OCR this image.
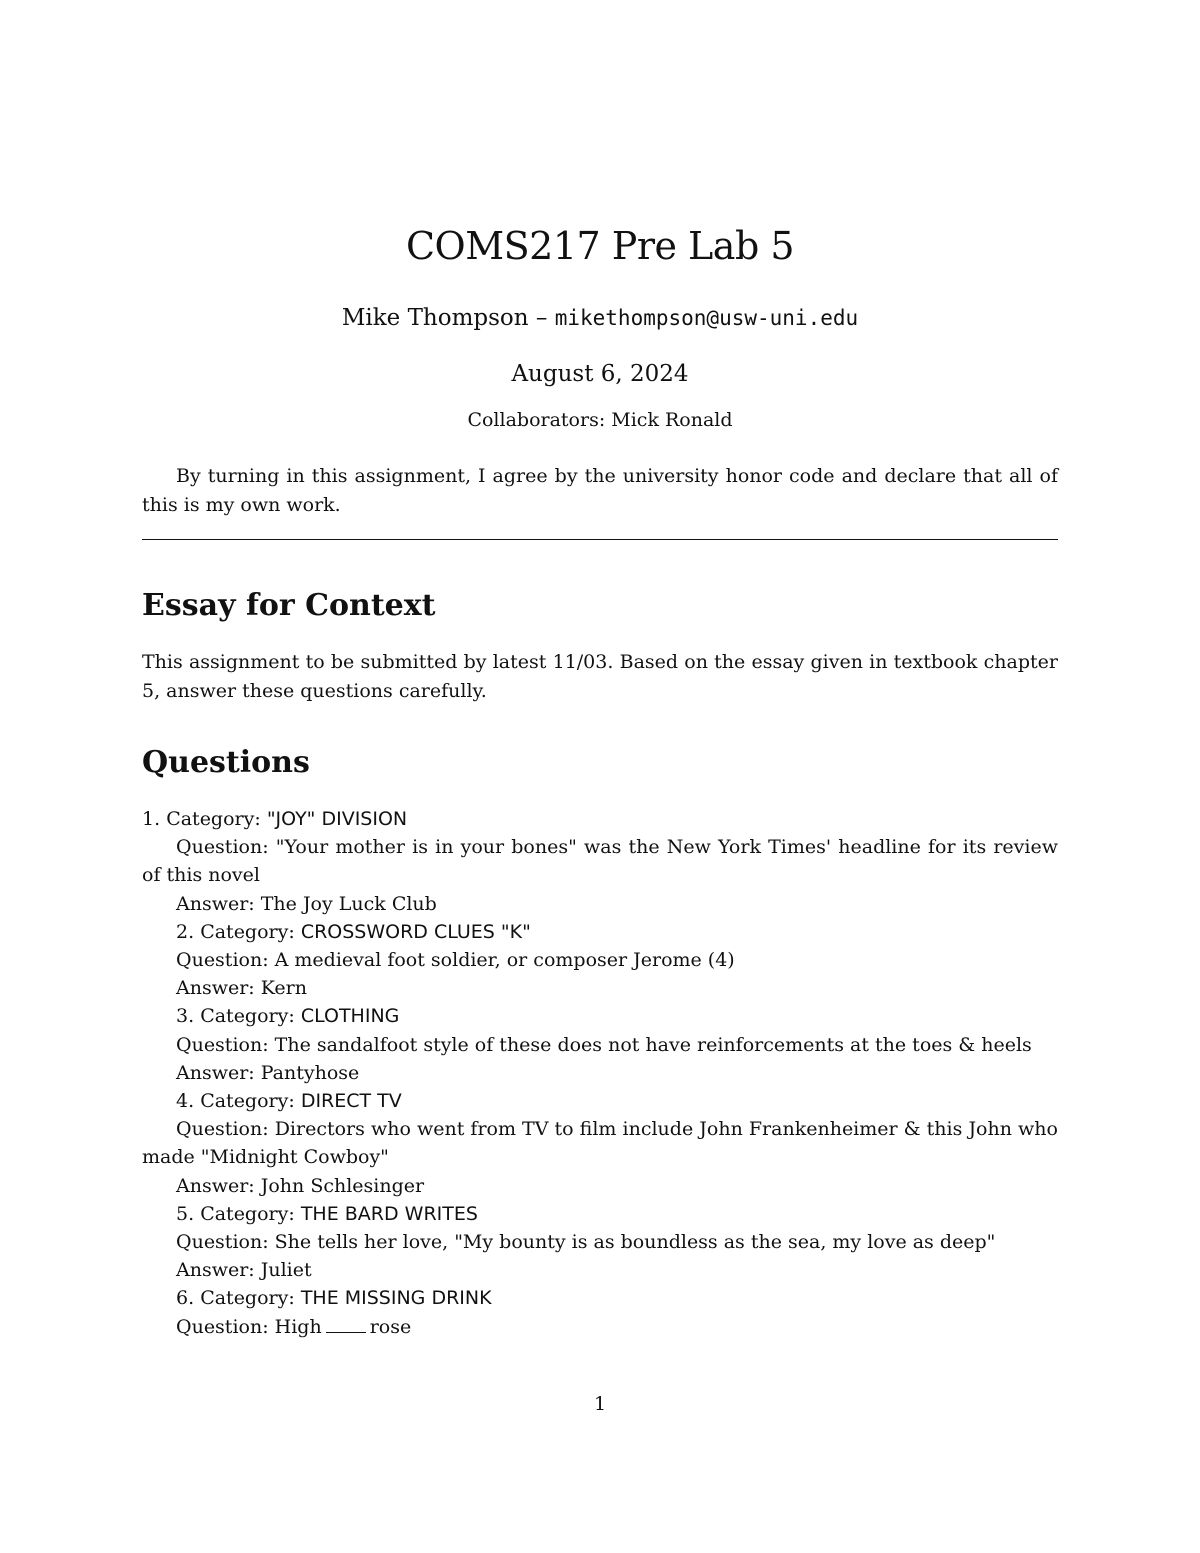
COMS217 Pre Lab 5
Mike Thompson – mikethompson@usw-uni.edu
August 6, 2024
Collaborators: Mick Ronald

By turning in this assignment, I agree by the university honor code and declare that all of this is my own work.

Essay for Context

This assignment to be submitted by latest 11/03. Based on the essay given in textbook chapter 5, answer these questions carefully.

Questions

1. Category: "JOY" DIVISION

Question: "Your mother is in your bones" was the New York Times' headline for its review of this novel

Answer: The Joy Luck Club

2. Category: CROSSWORD CLUES "K"

Question: A medieval foot soldier, or composer Jerome (4)

Answer: Kern

3. Category: CLOTHING

Question: The sandalfoot style of these does not have reinforcements at the toes & heels

Answer: Pantyhose

4. Category: DIRECT TV

Question: Directors who went from TV to film include John Frankenheimer & this John who made "Midnight Cowboy"

Answer: John Schlesinger

5. Category: THE BARD WRITES

Question: She tells her love, "My bounty is as boundless as the sea, my love as deep"

Answer: Juliet

6. Category: THE MISSING DRINK

Question: High	rose

1
